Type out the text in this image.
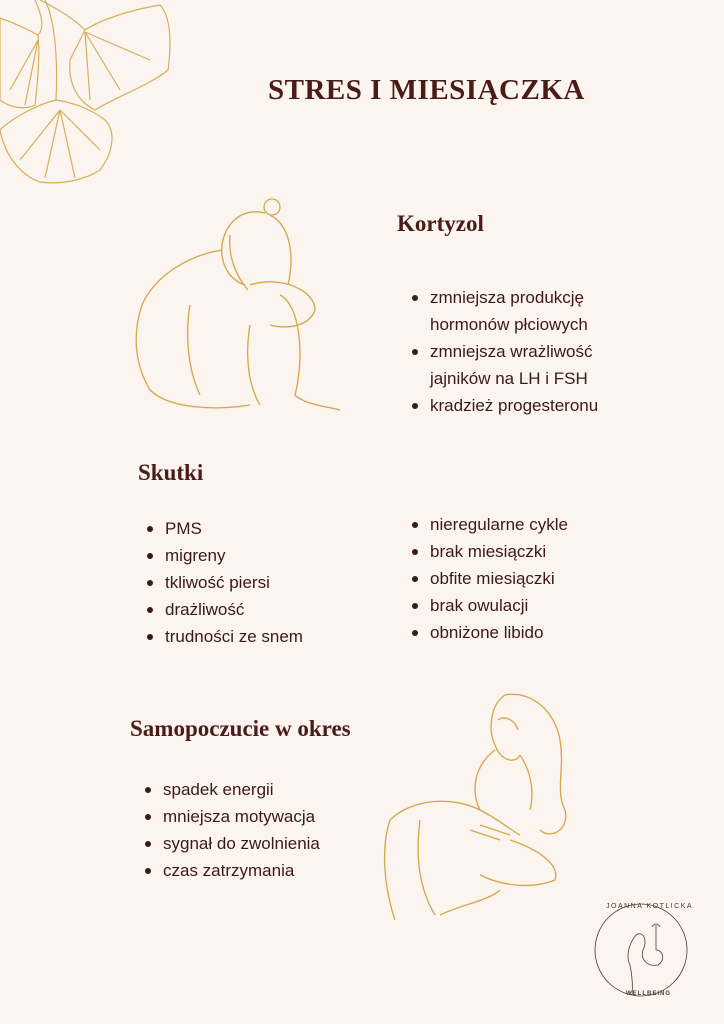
STRES I MIESIĄCZKA
Kortyzol
zmniejsza produkcję
hormonów płciowych
zmniejsza wrażliwość
jajników na LH i FSH
kradzież progesteronu
Skutki
PMS
migreny
tkliwość piersi
drażliwość
trudności ze snem
nieregularne cykle
brak miesiączki
obfite miesiączki
brak owulacji
obniżone libido
Samopoczucie w okres
spadek energii
mniejsza motywacja
sygnał do zwolnienia
czas zatrzymania
JOANNA KOTLICKA
WELLBEING
